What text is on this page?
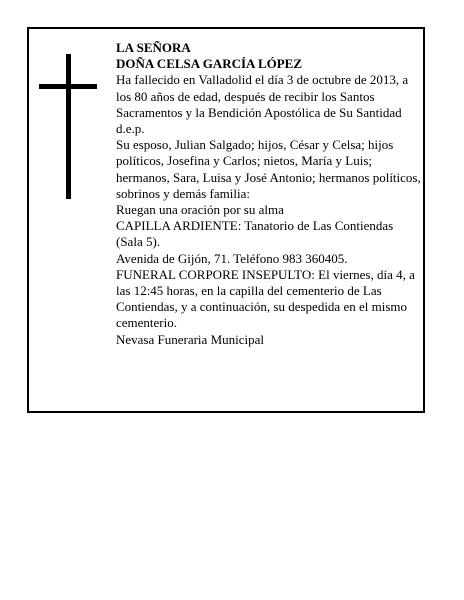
LA SEÑORA

DOÑA CELSA GARCÍA LÓPEZ

Ha fallecido en Valladolid el día 3 de octubre de 2013, a los 80 años de edad, después de recibir los Santos Sacramentos y la Bendición Apostólica de Su Santidad d.e.p.

Su esposo, Julian Salgado; hijos, César y Celsa; hijos políticos, Josefina y Carlos; nietos, María y Luis; hermanos, Sara, Luisa y José Antonio; hermanos políticos, sobrinos y demás familia:

Ruegan una oración por su alma

CAPILLA ARDIENTE: Tanatorio de Las Contiendas (Sala 5).

Avenida de Gijón, 71. Teléfono 983 360405.

FUNERAL CORPORE INSEPULTO: El viernes, día 4, a las 12:45 horas, en la capilla del cementerio de Las Contiendas, y a continuación, su despedida en el mismo cementerio.

Nevasa Funeraria Municipal
